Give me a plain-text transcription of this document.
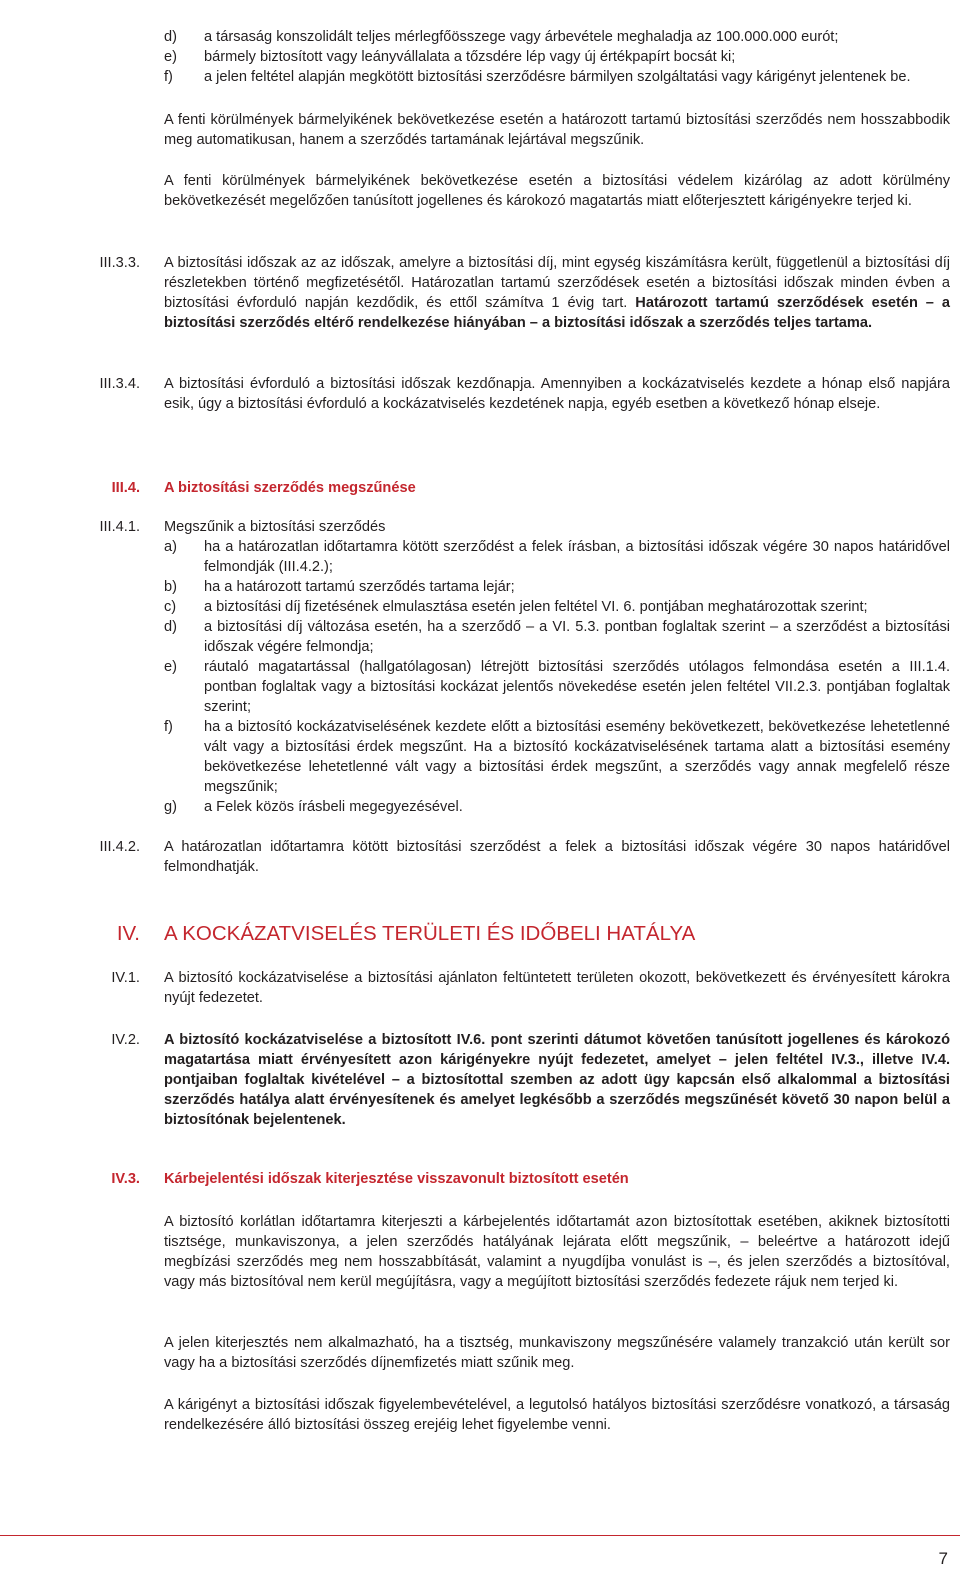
d) a társaság konszolidált teljes mérlegfőösszege vagy árbevétele meghaladja az 100.000.000 eurót;
e) bármely biztosított vagy leányvállalata a tőzsdére lép vagy új értékpapírt bocsát ki;
f) a jelen feltétel alapján megkötött biztosítási szerződésre bármilyen szolgáltatási vagy kárigényt jelentenek be.
A fenti körülmények bármelyikének bekövetkezése esetén a határozott tartamú biztosítási szerződés nem hosszabbodik meg automatikusan, hanem a szerződés tartamának lejártával megszűnik.
A fenti körülmények bármelyikének bekövetkezése esetén a biztosítási védelem kizárólag az adott körülmény bekövetkezését megelőzően tanúsított jogellenes és károkozó magatartás miatt előterjesztett kárigényekre terjed ki.
III.3.3. A biztosítási időszak az az időszak, amelyre a biztosítási díj, mint egység kiszámításra került, függetlenül a biztosítási díj részletekben történő megfizetésétől. Határozatlan tartamú szerződések esetén a biztosítási időszak minden évben a biztosítási évforduló napján kezdődik, és ettől számítva 1 évig tart. Határozott tartamú szerződések esetén – a biztosítási szerződés eltérő rendelkezése hiányában – a biztosítási időszak a szerződés teljes tartama.
III.3.4. A biztosítási évforduló a biztosítási időszak kezdőnapja. Amennyiben a kockázatviselés kezdete a hónap első napjára esik, úgy a biztosítási évforduló a kockázatviselés kezdetének napja, egyéb esetben a következő hónap elseje.
III.4. A biztosítási szerződés megszűnése
III.4.1. Megszűnik a biztosítási szerződés
a) ha a határozatlan időtartamra kötött szerződést a felek írásban, a biztosítási időszak végére 30 napos határidővel felmondják (III.4.2.);
b) ha a határozott tartamú szerződés tartama lejár;
c) a biztosítási díj fizetésének elmulasztása esetén jelen feltétel VI. 6. pontjában meghatározottak szerint;
d) a biztosítási díj változása esetén, ha a szerződő – a VI. 5.3. pontban foglaltak szerint – a szerződést a biztosítási időszak végére felmondja;
e) ráutaló magatartással (hallgatólagosan) létrejött biztosítási szerződés utólagos felmondása esetén a III.1.4. pontban foglaltak vagy a biztosítási kockázat jelentős növekedése esetén jelen feltétel VII.2.3. pontjában foglaltak szerint;
f) ha a biztosító kockázatviselésének kezdete előtt a biztosítási esemény bekövetkezett, bekövetkezése lehetetlenné vált vagy a biztosítási érdek megszűnt. Ha a biztosító kockázatviselésének tartama alatt a biztosítási esemény bekövetkezése lehetetlenné vált vagy a biztosítási érdek megszűnt, a szerződés vagy annak megfelelő része megszűnik;
g) a Felek közös írásbeli megegyezésével.
III.4.2. A határozatlan időtartamra kötött biztosítási szerződést a felek a biztosítási időszak végére 30 napos határidővel felmondhatják.
IV. A KOCKÁZATVISELÉS TERÜLETI ÉS IDŐBELI HATÁLYA
IV.1. A biztosító kockázatviselése a biztosítási ajánlaton feltüntetett területen okozott, bekövetkezett és érvényesített károkra nyújt fedezetet.
IV.2. A biztosító kockázatviselése a biztosított IV.6. pont szerinti dátumot követően tanúsított jogellenes és károkozó magatartása miatt érvényesített azon kárigényekre nyújt fedezetet, amelyet – jelen feltétel IV.3., illetve IV.4. pontjaiban foglaltak kivételével – a biztosítottal szemben az adott ügy kapcsán első alkalommal a biztosítási szerződés hatálya alatt érvényesítenek és amelyet legkésőbb a szerződés megszűnését követő 30 napon belül a biztosítónak bejelentenek.
IV.3. Kárbejelentési időszak kiterjesztése visszavonult biztosított esetén
A biztosító korlátlan időtartamra kiterjeszti a kárbejelentés időtartamát azon biztosítottak esetében, akiknek biztosítotti tisztsége, munkaviszonya, a jelen szerződés hatályának lejárata előtt megszűnik, – beleértve a határozott idejű megbízási szerződés meg nem hosszabbítását, valamint a nyugdíjba vonulást is –, és jelen szerződés a biztosítóval, vagy más biztosítóval nem kerül megújításra, vagy a megújított biztosítási szerződés fedezete rájuk nem terjed ki.
A jelen kiterjesztés nem alkalmazható, ha a tisztség, munkaviszony megszűnésére valamely tranzakció után került sor vagy ha a biztosítási szerződés díjnemfizetés miatt szűnik meg.
A kárigényt a biztosítási időszak figyelembevételével, a legutolsó hatályos biztosítási szerződésre vonatkozó, a társaság rendelkezésére álló biztosítási összeg erejéig lehet figyelembe venni.
7
